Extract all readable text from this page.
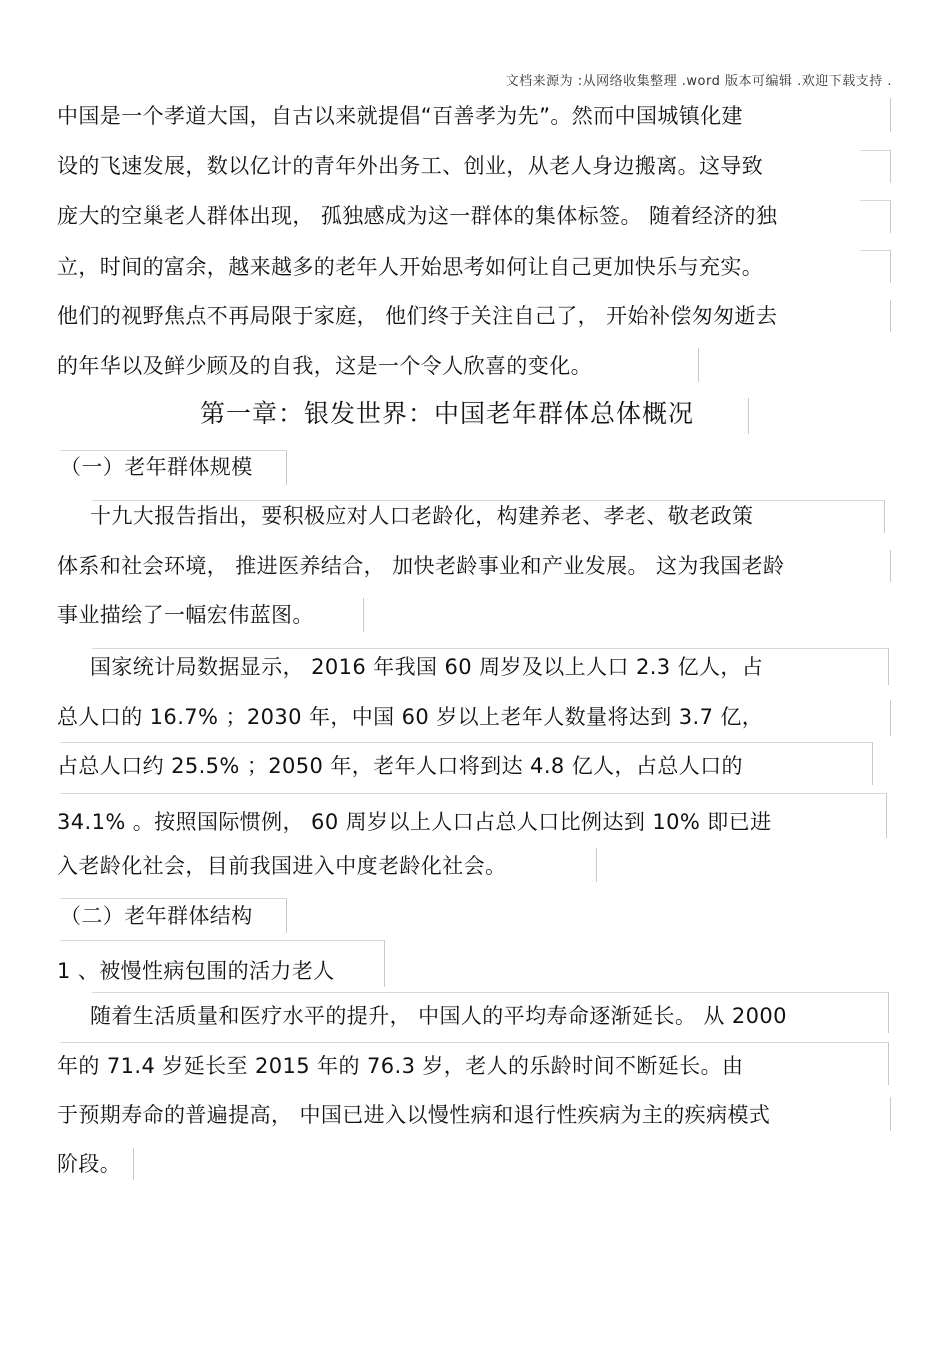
文档来源为 :从网络收集整理 .word 版本可编辑 .欢迎下载支持 .
中国是一个孝道大国，自古以来就提倡“百善孝为先”。然而中国城镇化建
设的飞速发展，数以亿计的青年外出务工、创业，从老人身边搬离。这导致
庞大的空巢老人群体出现， 孤独感成为这一群体的集体标签。 随着经济的独
立，时间的富余，越来越多的老年人开始思考如何让自己更加快乐与充实。
他们的视野焦点不再局限于家庭， 他们终于关注自己了， 开始补偿匆匆逝去
的年华以及鲜少顾及的自我，这是一个令人欣喜的变化。
第一章：银发世界：中国老年群体总体概况
（一）老年群体规模
十九大报告指出，要积极应对人口老龄化，构建养老、孝老、敬老政策
体系和社会环境， 推进医养结合， 加快老龄事业和产业发展。 这为我国老龄
事业描绘了一幅宏伟蓝图。
国家统计局数据显示， 2016 年我国 60 周岁及以上人口 2.3 亿人，占
总人口的 16.7% ；2030 年，中国 60 岁以上老年人数量将达到 3.7 亿，
占总人口约 25.5% ；2050 年，老年人口将到达 4.8 亿人，占总人口的
34.1% 。按照国际惯例， 60 周岁以上人口占总人口比例达到 10% 即已进
入老龄化社会，目前我国进入中度老龄化社会。
（二）老年群体结构
1 、被慢性病包围的活力老人
随着生活质量和医疗水平的提升， 中国人的平均寿命逐渐延长。 从 2000
年的 71.4 岁延长至 2015 年的 76.3 岁，老人的乐龄时间不断延长。由
于预期寿命的普遍提高， 中国已进入以慢性病和退行性疾病为主的疾病模式
阶段。
